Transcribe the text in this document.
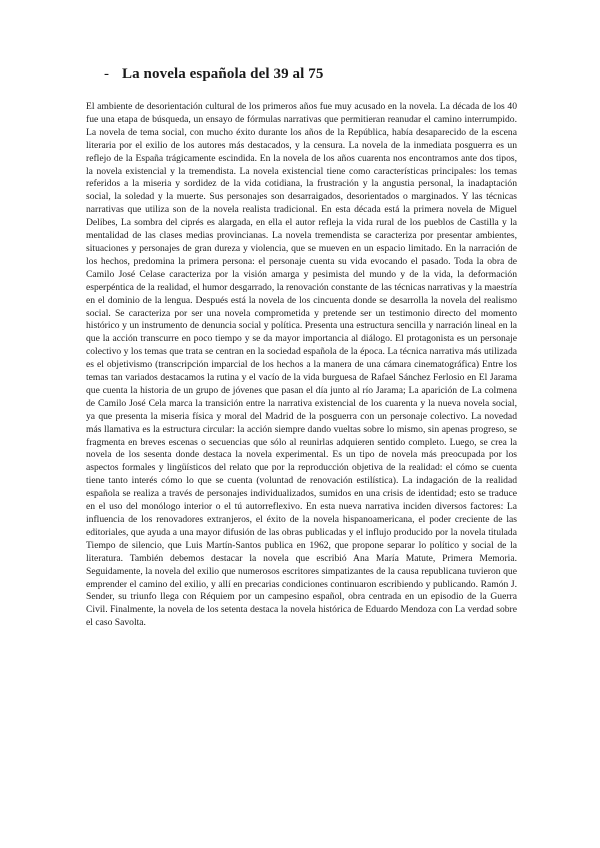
- La novela española del 39 al 75

El ambiente de desorientación cultural de los primeros años fue muy acusado en la novela. La década de los 40 fue una etapa de búsqueda, un ensayo de fórmulas narrativas que permitieran reanudar el camino interrumpido. La novela de tema social, con mucho éxito durante los años de la República, había desaparecido de la escena literaria por el exilio de los autores más destacados, y la censura. La novela de la inmediata posguerra es un reflejo de la España trágicamente escindida. En la novela de los años cuarenta nos encontramos ante dos tipos, la novela existencial y la tremendista. La novela existencial tiene como características principales: los temas referidos a la miseria y sordidez de la vida cotidiana, la frustración y la angustia personal, la inadaptación social, la soledad y la muerte. Sus personajes son desarraigados, desorientados o marginados. Y las técnicas narrativas que utiliza son de la novela realista tradicional. En esta década está la primera novela de Miguel Delibes, La sombra del ciprés es alargada, en ella el autor refleja la vida rural de los pueblos de Castilla y la mentalidad de las clases medias provincianas. La novela tremendista se caracteriza por presentar ambientes, situaciones y personajes de gran dureza y violencia, que se mueven en un espacio limitado. En la narración de los hechos, predomina la primera persona: el personaje cuenta su vida evocando el pasado. Toda la obra de Camilo José Celase caracteriza por la visión amarga y pesimista del mundo y de la vida, la deformación esperpéntica de la realidad, el humor desgarrado, la renovación constante de las técnicas narrativas y la maestría en el dominio de la lengua. Después está la novela de los cincuenta donde se desarrolla la novela del realismo social. Se caracteriza por ser una novela comprometida y pretende ser un testimonio directo del momento histórico y un instrumento de denuncia social y política. Presenta una estructura sencilla y narración lineal en la que la acción transcurre en poco tiempo y se da mayor importancia al diálogo. El protagonista es un personaje colectivo y los temas que trata se centran en la sociedad española de la época. La técnica narrativa más utilizada es el objetivismo (transcripción imparcial de los hechos a la manera de una cámara cinematográfica) Entre los temas tan variados destacamos la rutina y el vacío de la vida burguesa de Rafael Sánchez Ferlosio en El Jarama que cuenta la historia de un grupo de jóvenes que pasan el día junto al río Jarama; La aparición de La colmena de Camilo José Cela marca la transición entre la narrativa existencial de los cuarenta y la nueva novela social, ya que presenta la miseria física y moral del Madrid de la posguerra con un personaje colectivo. La novedad más llamativa es la estructura circular: la acción siempre dando vueltas sobre lo mismo, sin apenas progreso, se fragmenta en breves escenas o secuencias que sólo al reunirlas adquieren sentido completo. Luego, se crea la novela de los sesenta donde destaca la novela experimental. Es un tipo de novela más preocupada por los aspectos formales y lingüísticos del relato que por la reproducción objetiva de la realidad: el cómo se cuenta tiene tanto interés cómo lo que se cuenta (voluntad de renovación estilística). La indagación de la realidad española se realiza a través de personajes individualizados, sumidos en una crisis de identidad; esto se traduce en el uso del monólogo interior o el tú autorreflexivo. En esta nueva narrativa inciden diversos factores: La influencia de los renovadores extranjeros, el éxito de la novela hispanoamericana, el poder creciente de las editoriales, que ayuda a una mayor difusión de las obras publicadas y el influjo producido por la novela titulada Tiempo de silencio, que Luis Martín-Santos publica en 1962, que propone separar lo político y social de la literatura. También debemos destacar la novela que escribió Ana María Matute, Primera Memoria. Seguidamente, la novela del exilio que numerosos escritores simpatizantes de la causa republicana tuvieron que emprender el camino del exilio, y allí en precarias condiciones continuaron escribiendo y publicando. Ramón J. Sender, su triunfo llega con Réquiem por un campesino español, obra centrada en un episodio de la Guerra Civil. Finalmente, la novela de los setenta destaca la novela histórica de Eduardo Mendoza con La verdad sobre el caso Savolta.
